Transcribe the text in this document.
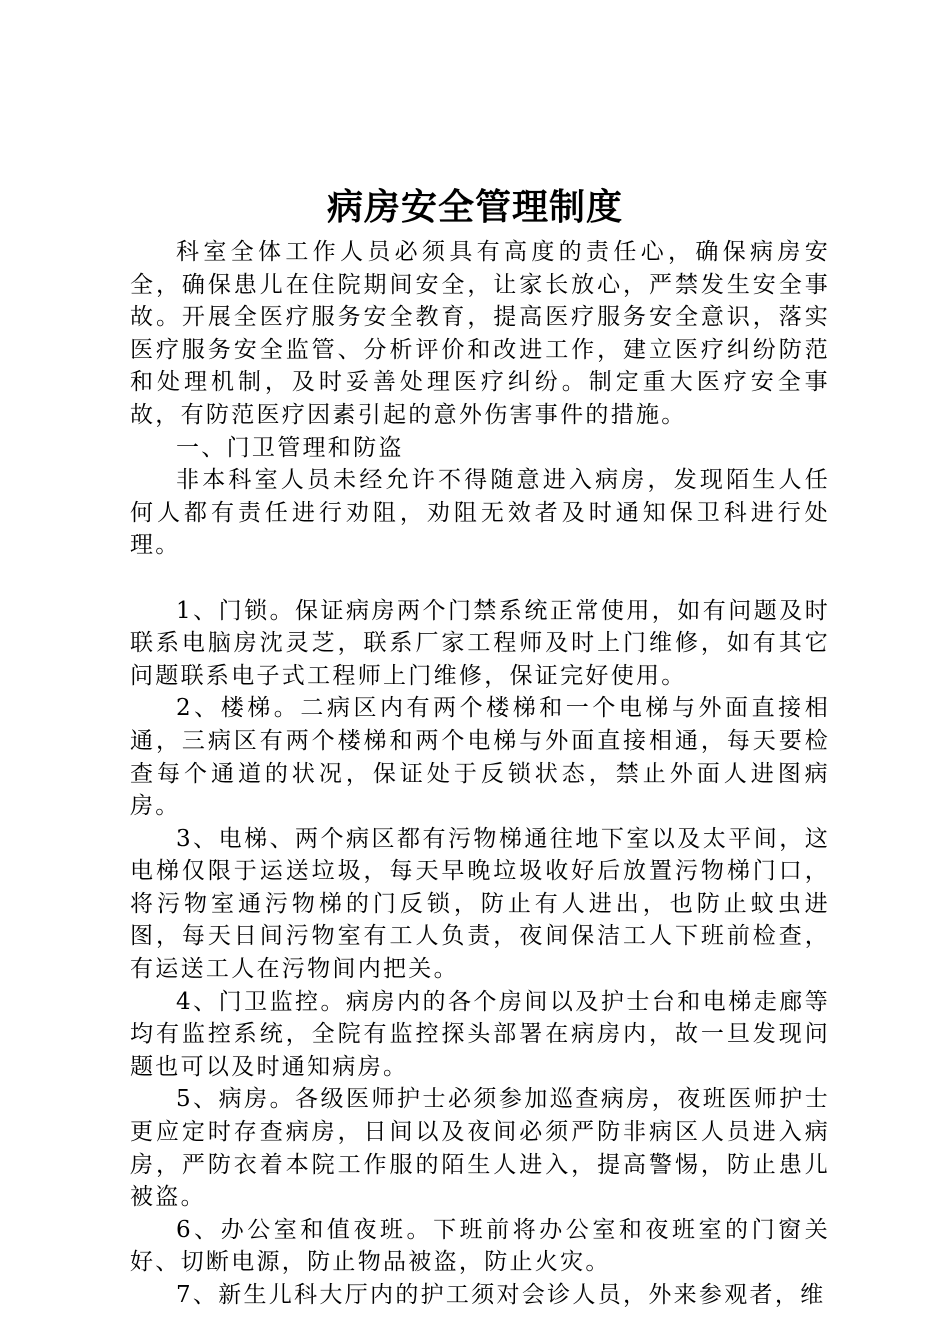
病房安全管理制度

科室全体工作人员必须具有高度的责任心，确保病房安全，确保患儿在住院期间安全，让家长放心，严禁发生安全事故。开展全医疗服务安全教育，提高医疗服务安全意识，落实医疗服务安全监管、分析评价和改进工作，建立医疗纠纷防范和处理机制，及时妥善处理医疗纠纷。制定重大医疗安全事故，有防范医疗因素引起的意外伤害事件的措施。

一、门卫管理和防盗

非本科室人员未经允许不得随意进入病房，发现陌生人任何人都有责任进行劝阻，劝阻无效者及时通知保卫科进行处理。

1、门锁。保证病房两个门禁系统正常使用，如有问题及时联系电脑房沈灵芝，联系厂家工程师及时上门维修，如有其它问题联系电子式工程师上门维修，保证完好使用。

2、楼梯。二病区内有两个楼梯和一个电梯与外面直接相通，三病区有两个楼梯和两个电梯与外面直接相通，每天要检查每个通道的状况，保证处于反锁状态，禁止外面人进图病房。

3、电梯、两个病区都有污物梯通往地下室以及太平间，这电梯仅限于运送垃圾，每天早晚垃圾收好后放置污物梯门口，将污物室通污物梯的门反锁，防止有人进出，也防止蚊虫进图，每天日间污物室有工人负责，夜间保洁工人下班前检查，有运送工人在污物间内把关。

4、门卫监控。病房内的各个房间以及护士台和电梯走廊等均有监控系统，全院有监控探头部署在病房内，故一旦发现问题也可以及时通知病房。

5、病房。各级医师护士必须参加巡查病房，夜班医师护士更应定时存查病房，日间以及夜间必须严防非病区人员进入病房，严防衣着本院工作服的陌生人进入，提高警惕，防止患儿被盗。

6、办公室和值夜班。下班前将办公室和夜班室的门窗关好、切断电源，防止物品被盗，防止火灾。

7、新生儿科大厅内的护工须对会诊人员，外来参观者，维
